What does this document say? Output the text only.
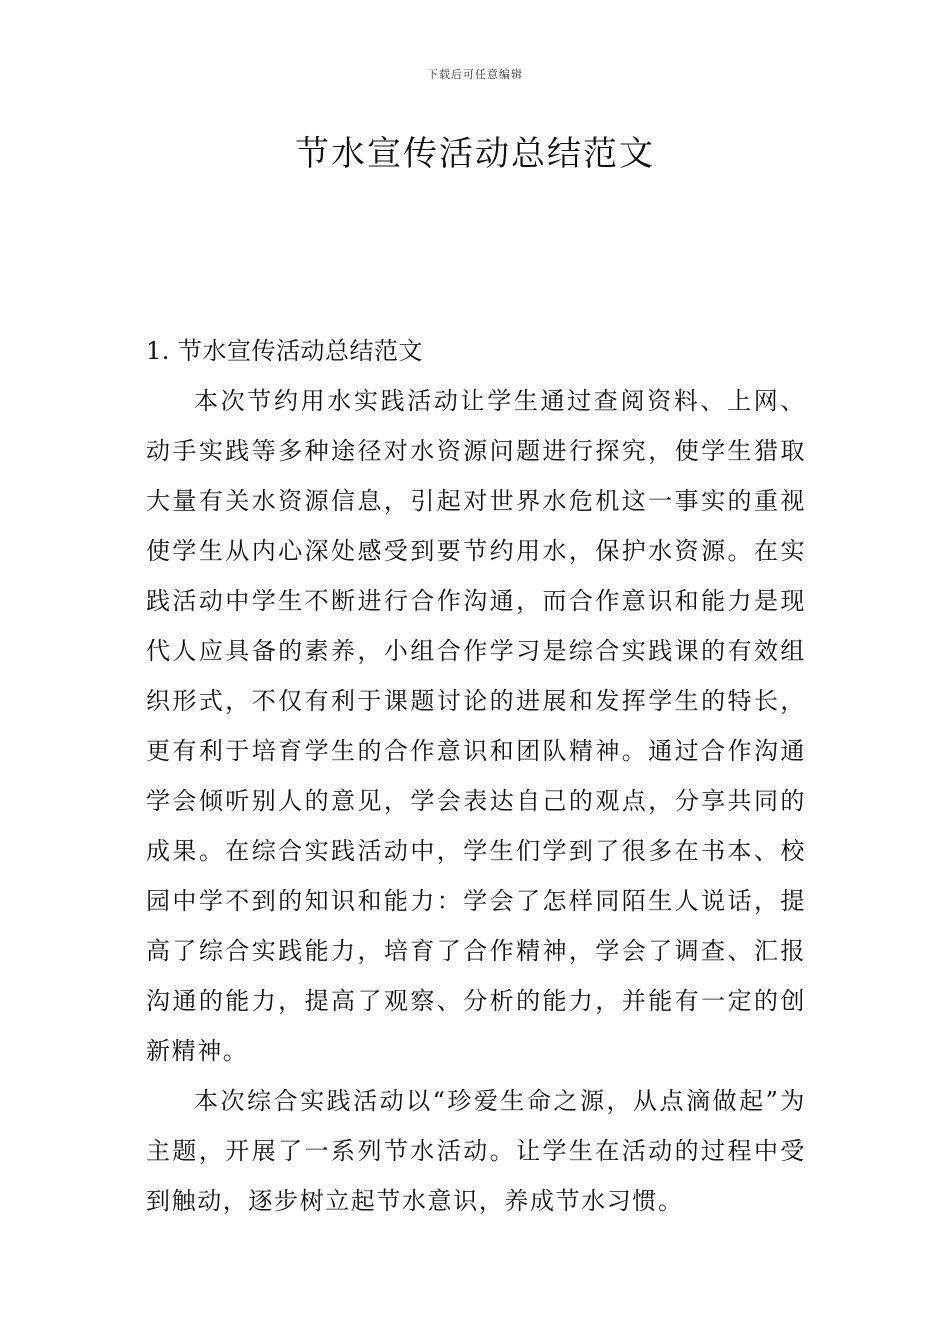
下载后可任意编辑
节水宣传活动总结范文

1. 节水宣传活动总结范文

本次节约用水实践活动让学生通过查阅资料、上网、动手实践等多种途径对水资源问题进行探究，使学生猎取大量有关水资源信息，引起对世界水危机这一事实的重视使学生从内心深处感受到要节约用水，保护水资源。在实践活动中学生不断进行合作沟通，而合作意识和能力是现代人应具备的素养，小组合作学习是综合实践课的有效组织形式，不仅有利于课题讨论的进展和发挥学生的特长，更有利于培育学生的合作意识和团队精神。通过合作沟通学会倾听别人的意见，学会表达自己的观点，分享共同的成果。在综合实践活动中，学生们学到了很多在书本、校园中学不到的知识和能力：学会了怎样同陌生人说话，提高了综合实践能力，培育了合作精神，学会了调查、汇报沟通的能力，提高了观察、分析的能力，并能有一定的创新精神。

本次综合实践活动以“珍爱生命之源，从点滴做起”为主题，开展了一系列节水活动。让学生在活动的过程中受到触动，逐步树立起节水意识，养成节水习惯。
